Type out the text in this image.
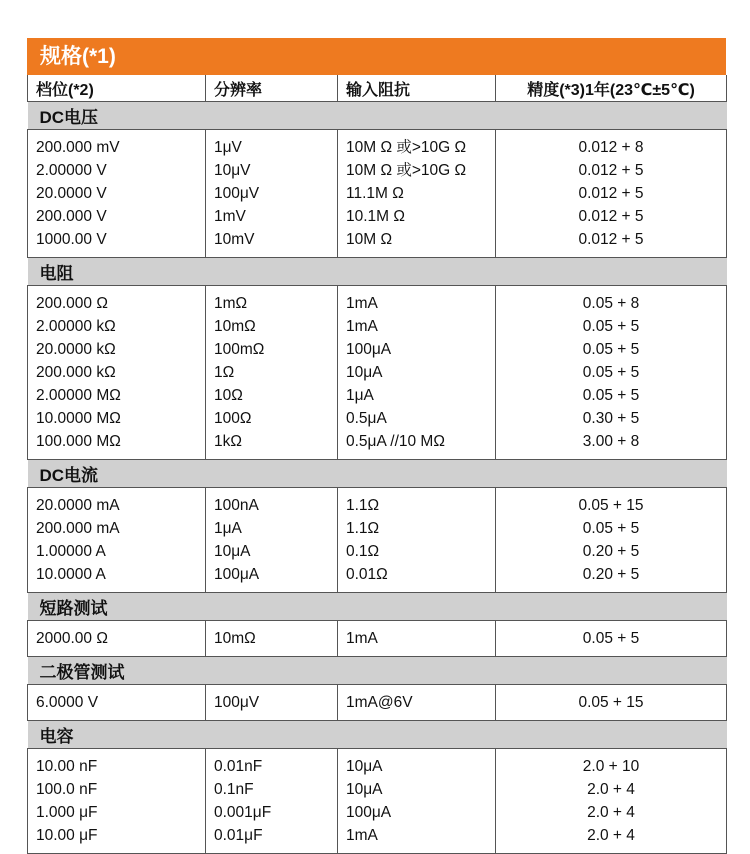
规格(*1)
档位(*2)	分辨率	输入阻抗	精度(*3)1年(23℃±5℃)
DC电压			
200.000 mV	1μV	10M Ω 或>10G Ω	0.012 + 8
2.00000 V	10μV	10M Ω 或>10G Ω	0.012 + 5
20.0000 V	100μV	11.1M Ω	0.012 + 5
200.000 V	1mV	10.1M Ω	0.012 + 5
1000.00 V	10mV	10M Ω	0.012 + 5
电阻			
200.000 Ω	1mΩ	1mA	0.05 + 8
2.00000 kΩ	10mΩ	1mA	0.05 + 5
20.0000 kΩ	100mΩ	100μA	0.05 + 5
200.000 kΩ	1Ω	10μA	0.05 + 5
2.00000 MΩ	10Ω	1μA	0.05 + 5
10.0000 MΩ	100Ω	0.5μA	0.30 + 5
100.000 MΩ	1kΩ	0.5μA //10 MΩ	3.00 + 8
DC电流			
20.0000 mA	100nA	1.1Ω	0.05 + 15
200.000 mA	1μA	1.1Ω	0.05 + 5
1.00000 A	10μA	0.1Ω	0.20 + 5
10.0000 A	100μA	0.01Ω	0.20 + 5
短路测试			
2000.00 Ω	10mΩ	1mA	0.05 + 5
二极管测试			
6.0000 V	100μV	1mA@6V	0.05 + 15
电容			
10.00 nF	0.01nF	10μA	2.0 + 10
100.0 nF	0.1nF	10μA	2.0 + 4
1.000 μF	0.001μF	100μA	2.0 + 4
10.00 μF	0.01μF	1mA	2.0 + 4
